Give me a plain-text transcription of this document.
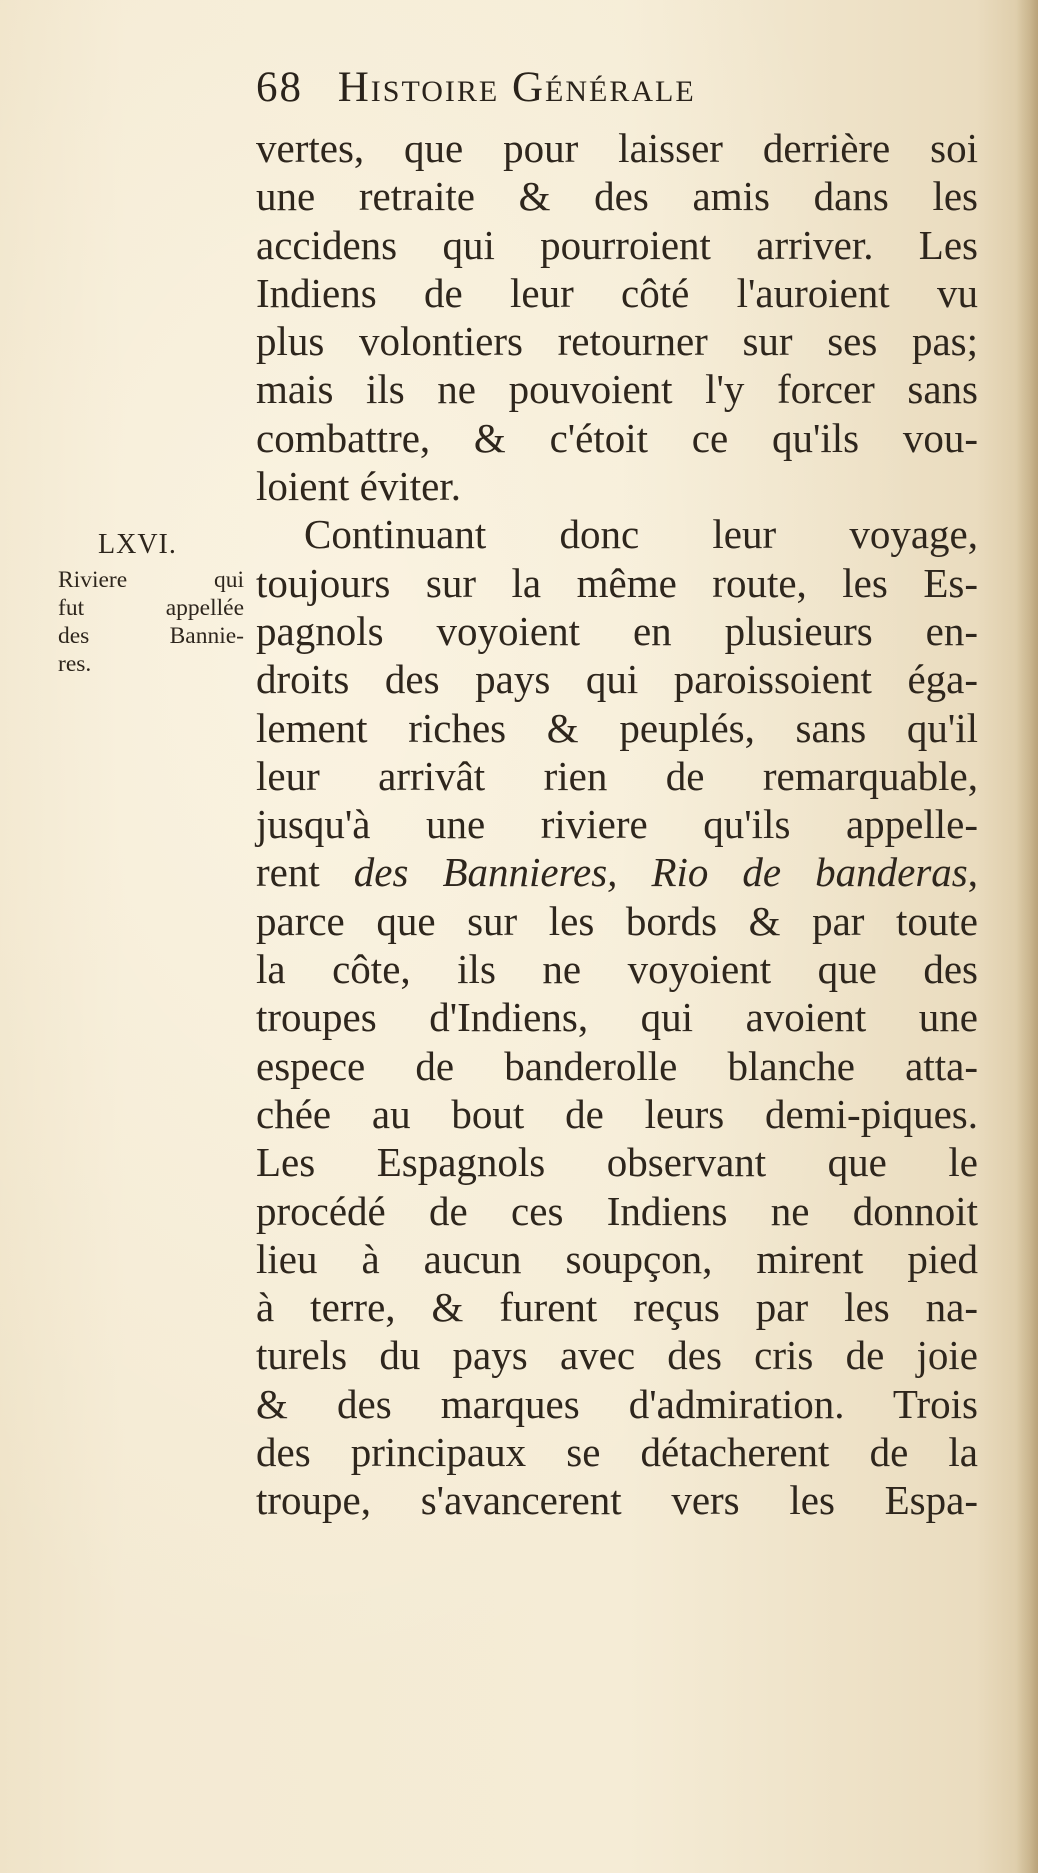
68 Histoire Générale
LXVI.
Riviere qui
fut appellée
des Bannie-
res.
vertes, que pour laisser derrière soi
une retraite & des amis dans les
accidens qui pourroient arriver. Les
Indiens de leur côté l'auroient vu
plus volontiers retourner sur ses pas;
mais ils ne pouvoient l'y forcer sans
combattre, & c'étoit ce qu'ils vou-
loient éviter.
Continuant donc leur voyage,
toujours sur la même route, les Es-
pagnols voyoient en plusieurs en-
droits des pays qui paroissoient éga-
lement riches & peuplés, sans qu'il
leur arrivât rien de remarquable,
jusqu'à une riviere qu'ils appelle-
rent des Bannieres, Rio de banderas,
parce que sur les bords & par toute
la côte, ils ne voyoient que des
troupes d'Indiens, qui avoient une
espece de banderolle blanche atta-
chée au bout de leurs demi-piques.
Les Espagnols observant que le
procédé de ces Indiens ne donnoit
lieu à aucun soupçon, mirent pied
à terre, & furent reçus par les na-
turels du pays avec des cris de joie
& des marques d'admiration. Trois
des principaux se détacherent de la
troupe, s'avancerent vers les Espa-
